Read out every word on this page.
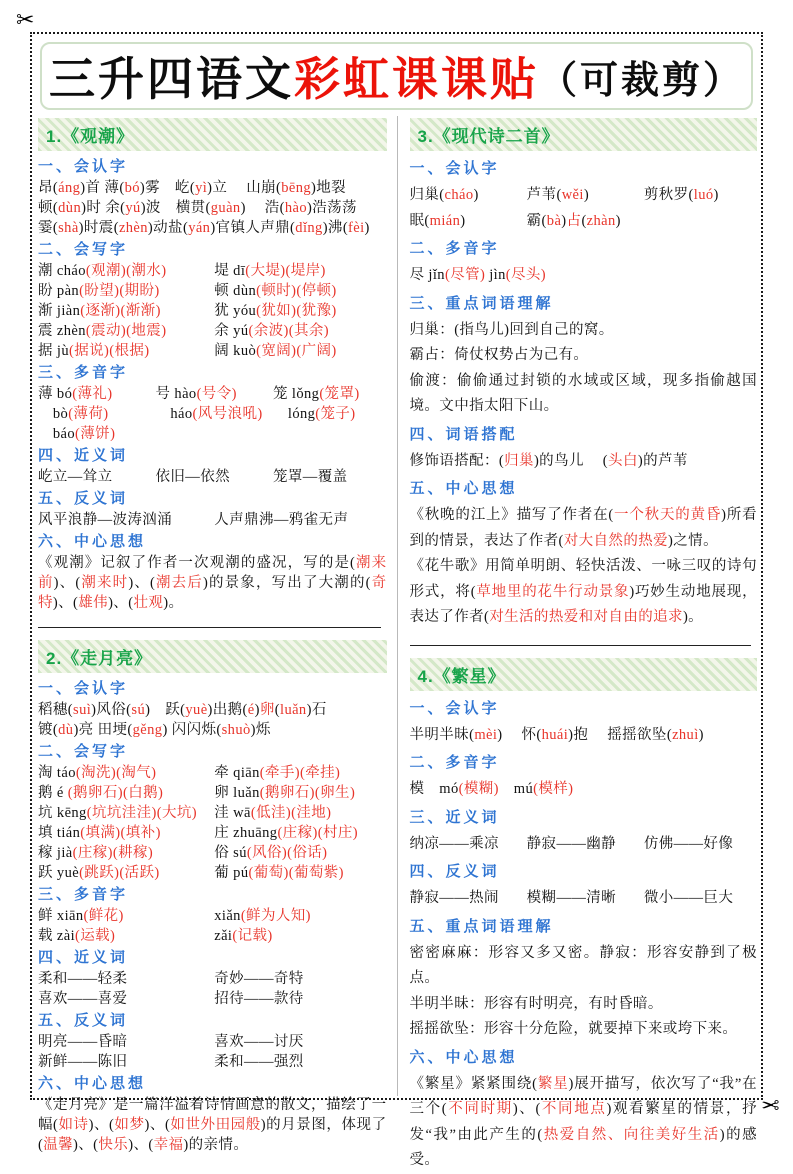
✂
✂
三升四语文 彩虹课课贴 （可裁剪）
1.《观潮》
一、会认字
昂(áng)首 薄(bó)雾　屹(yì)立　 山崩(bēng)地裂
顿(dùn)时 余(yú)波　横贯(guàn)　 浩(hào)浩荡荡
霎(shà)时震(zhèn)动盐(yán)官镇人声鼎(dǐng)沸(fèi)
二、会写字
潮 cháo(观潮)(潮水)	堤 dī(大堤)(堤岸)
盼 pàn(盼望)(期盼)	顿 dùn(顿时)(停顿)
渐 jiàn(逐渐)(渐渐)	犹 yóu(犹如)(犹豫)
震 zhèn(震动)(地震)	余 yú(余波)(其余)
据 jù(据说)(根据)	阔 kuò(宽阔)(广阔)
三、多音字
薄 bó(薄礼)	号 hào(号令)	笼 lǒng(笼罩)
　bò(薄荷)	　háo(风号浪吼) 　lóng(笼子)
　báo(薄饼)
四、近义词
屹立—耸立	依旧—依然	笼罩—覆盖
五、反义词
风平浪静—波涛汹涌	人声鼎沸—鸦雀无声
六、中心思想
《观潮》记叙了作者一次观潮的盛况，写的是(潮来前)、(潮来时)、(潮去后)的景象，写出了大潮的(奇特)、(雄伟)、(壮观)。
2.《走月亮》
一、会认字
稻穗(suì)风俗(sú)　跃(yuè)出鹅(é)卵(luǎn)石
镀(dù)亮 田埂(gěng) 闪闪烁(shuò)烁
二、会写字
淘 táo(淘洗)(淘气)	牵 qiān(牵手)(牵挂)
鹅 é (鹅卵石)(白鹅)	卵 luǎn(鹅卵石)(卵生)
坑 kēng(坑坑洼洼)(大坑)	洼 wā(低洼)(洼地)
填 tián(填满)(填补)	庄 zhuāng(庄稼)(村庄)
稼 jià(庄稼)(耕稼)	俗 sú(风俗)(俗话)
跃 yuè(跳跃)(活跃)	葡 pú(葡萄)(葡萄紫)
三、多音字
鲜 xiān(鲜花)	xiǎn(鲜为人知)
载 zài(运载)	zǎi(记载)
四、近义词
柔和——轻柔	奇妙——奇特
喜欢——喜爱	招待——款待
五、反义词
明亮——昏暗	喜欢——讨厌
新鲜——陈旧	柔和——强烈
六、中心思想
《走月亮》是一篇洋溢着诗情画意的散文，描绘了一幅(如诗)、(如梦)、(如世外田园般)的月景图，体现了(温馨)、(快乐)、(幸福)的亲情。
3.《现代诗二首》
一、会认字
归巢(cháo)	芦苇(wěi)	剪秋罗(luó)
眠(mián)	霸(bà)占(zhàn)
二、多音字
尽 jǐn(尽管) jìn(尽头)
三、重点词语理解
归巢：(指鸟儿)回到自己的窝。
霸占：倚仗权势占为己有。
偷渡：偷偷通过封锁的水域或区域，现多指偷越国境。文中指太阳下山。
四、词语搭配
修饰语搭配：(归巢)的鸟儿　 (头白)的芦苇
五、中心思想
《秋晚的江上》描写了作者在(一个秋天的黄昏)所看到的情景，表达了作者(对大自然的热爱)之情。
《花牛歌》用简单明朗、轻快活泼、一咏三叹的诗句形式，将(草地里的花牛行动景象)巧妙生动地展现，表达了作者(对生活的热爱和对自由的追求)。
4.《繁星》
一、会认字
半明半昧(mèi)　 怀(huái)抱　 摇摇欲坠(zhuì)
二、多音字
模　mó(模糊)　mú(模样)
三、近义词
纳凉——乘凉	静寂——幽静	仿佛——好像
四、反义词
静寂——热闹	模糊——清晰	微小——巨大
五、重点词语理解
密密麻麻：形容又多又密。静寂：形容安静到了极点。
半明半昧：形容有时明亮，有时昏暗。
摇摇欲坠：形容十分危险，就要掉下来或垮下来。
六、中心思想
《繁星》紧紧围绕(繁星)展开描写，依次写了“我”在三个(不同时期)、(不同地点)观看繁星的情景，抒发“我”由此产生的(热爱自然、向往美好生活)的感受。
